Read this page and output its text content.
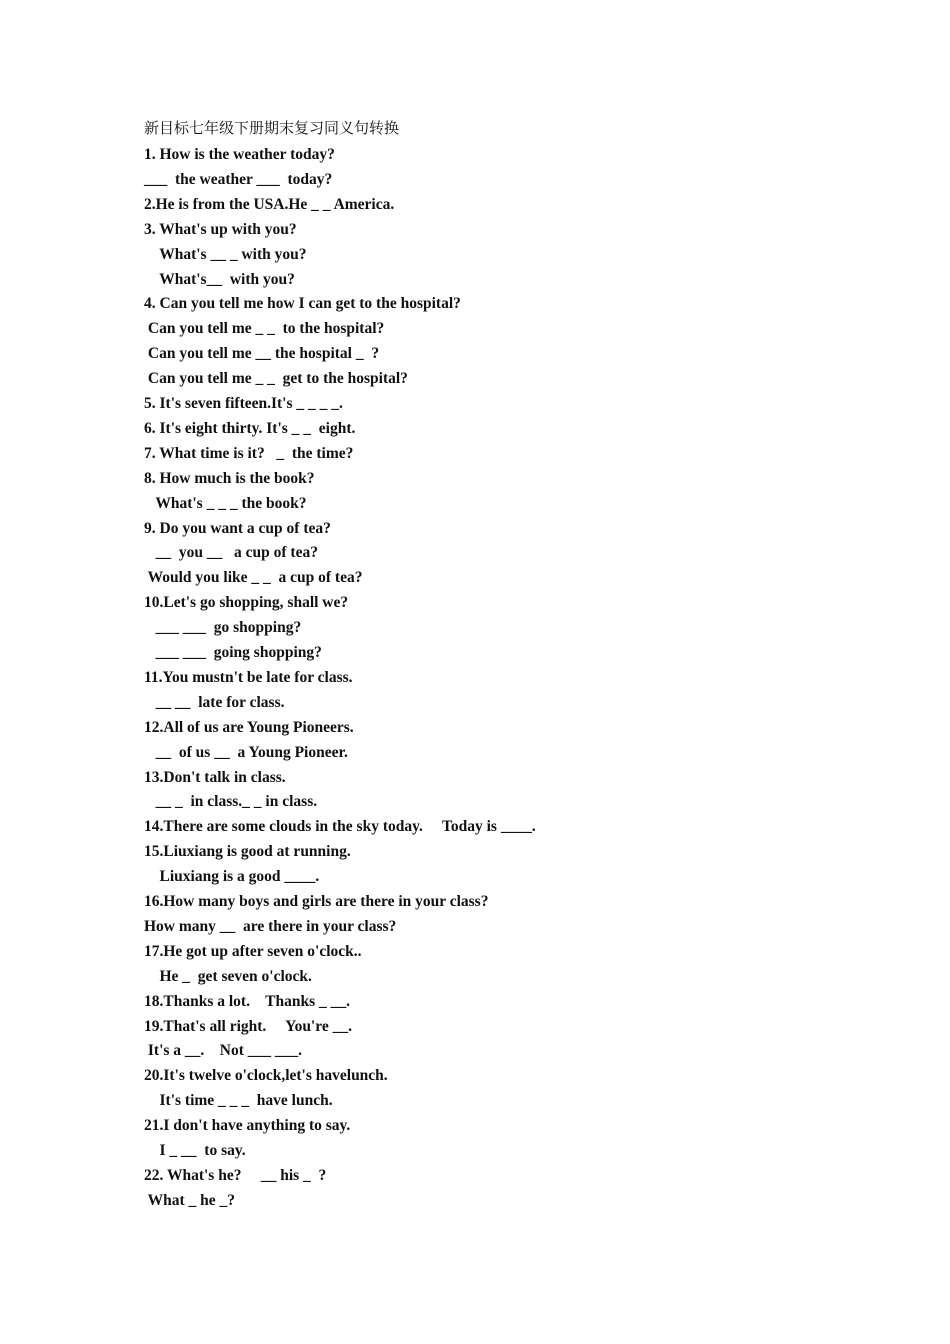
新目标七年级下册期末复习同义句转换
1. How is the weather today?
___  the weather ___  today?
2.He is from the USA.He _ _ America.
3. What's up with you?
What's __ _ with you?
What's__  with you?
4. Can you tell me how I can get to the hospital?
Can you tell me _ _  to the hospital?
Can you tell me __ the hospital _  ?
Can you tell me _ _  get to the hospital?
5. It's seven fifteen.It's _ _ _ _.
6. It's eight thirty. It's _ _  eight.
7. What time is it?   _  the time?
8. How much is the book?
What's _ _ _ the book?
9. Do you want a cup of tea?
__  you __   a cup of tea?
Would you like _ _  a cup of tea?
10.Let's go shopping, shall we?
___ ___  go shopping?
___ ___  going shopping?
11.You mustn't be late for class.
__ __  late for class.
12.All of us are Young Pioneers.
__  of us __  a Young Pioneer.
13.Don't talk in class.
__ _  in class._ _ in class.
14.There are some clouds in the sky today.     Today is ____.
15.Liuxiang is good at running.
Liuxiang is a good ____.
16.How many boys and girls are there in your class?
How many __  are there in your class?
17.He got up after seven o'clock..
He _  get seven o'clock.
18.Thanks a lot.    Thanks _ __.
19.That's all right.     You're __.
It's a __.    Not ___ ___.
20.It's twelve o'clock,let's havelunch.
It's time _ _ _  have lunch.
21.I don't have anything to say.
I _ __  to say.
22. What's he?     __ his _  ?
What _ he _?
